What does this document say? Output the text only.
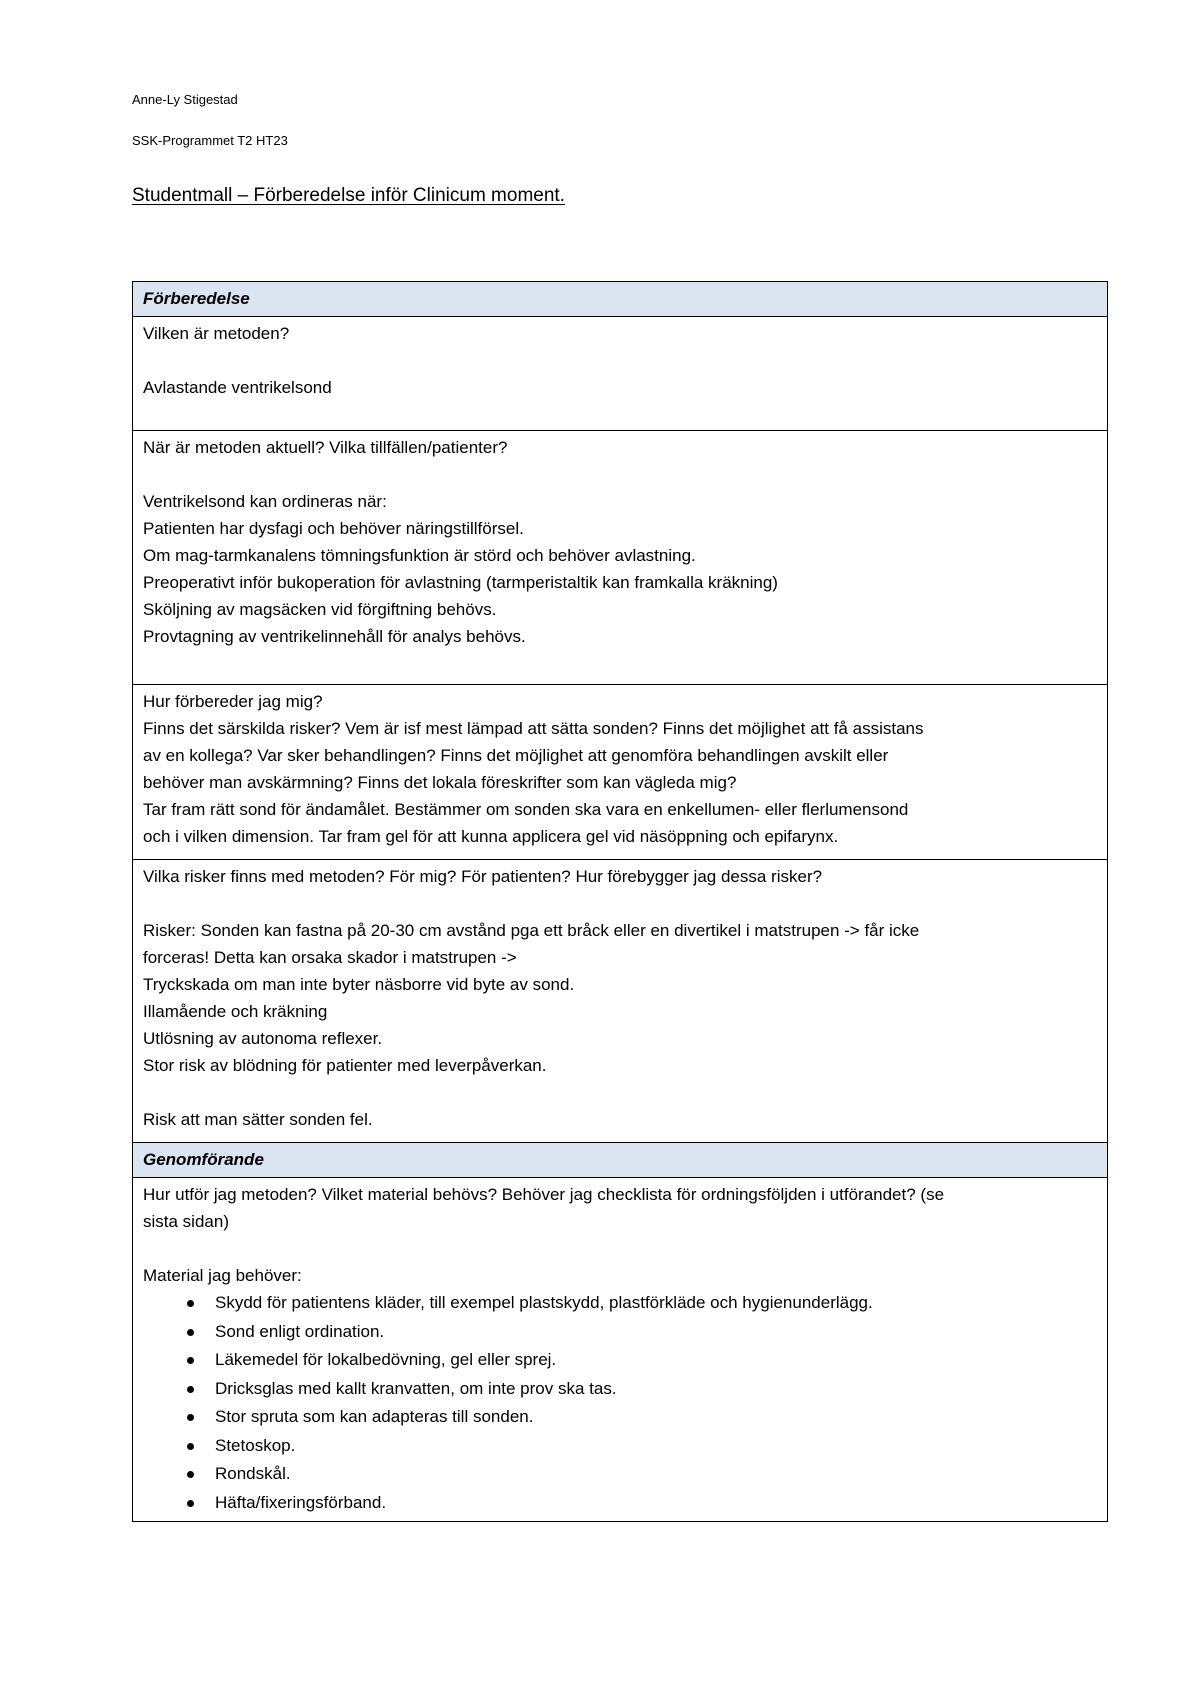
Anne-Ly Stigestad
SSK-Programmet T2 HT23
Studentmall – Förberedelse inför Clinicum moment.
Förberedelse

Vilken är metoden?
Avlastande ventrikelsond

När är metoden aktuell? Vilka tillfällen/patienter?
Ventrikelsond kan ordineras när:
Patienten har dysfagi och behöver näringstillförsel.
Om mag-tarmkanalens tömningsfunktion är störd och behöver avlastning.
Preoperativt inför bukoperation för avlastning (tarmperistaltik kan framkalla kräkning)
Sköljning av magsäcken vid förgiftning behövs.
Provtagning av ventrikelinnehåll för analys behövs.

Hur förbereder jag mig?
Finns det särskilda risker? Vem är isf mest lämpad att sätta sonden? Finns det möjlighet att få assistans
av en kollega? Var sker behandlingen? Finns det möjlighet att genomföra behandlingen avskilt eller
behöver man avskärmning? Finns det lokala föreskrifter som kan vägleda mig?
Tar fram rätt sond för ändamålet. Bestämmer om sonden ska vara en enkellumen- eller flerlumensond
och i vilken dimension. Tar fram gel för att kunna applicera gel vid näsöppning och epifarynx.

Vilka risker finns med metoden? För mig? För patienten? Hur förebygger jag dessa risker?
Risker: Sonden kan fastna på 20-30 cm avstånd pga ett bråck eller en divertikel i matstrupen -> får icke
forceras! Detta kan orsaka skador i matstrupen ->
Tryckskada om man inte byter näsborre vid byte av sond.
Illamående och kräkning
Utlösning av autonoma reflexer.
Stor risk av blödning för patienter med leverpåverkan.
Risk att man sätter sonden fel.

Genomförande

Hur utför jag metoden? Vilket material behövs? Behöver jag checklista för ordningsföljden i utförandet? (se
sista sidan)
Material jag behöver:
Skydd för patientens kläder, till exempel plastskydd, plastförkläde och hygienunderlägg.
Sond enligt ordination.
Läkemedel för lokalbedövning, gel eller sprej.
Dricksglas med kallt kranvatten, om inte prov ska tas.
Stor spruta som kan adapteras till sonden.
Stetoskop.
Rondskål.
Häfta/fixeringsförband.
